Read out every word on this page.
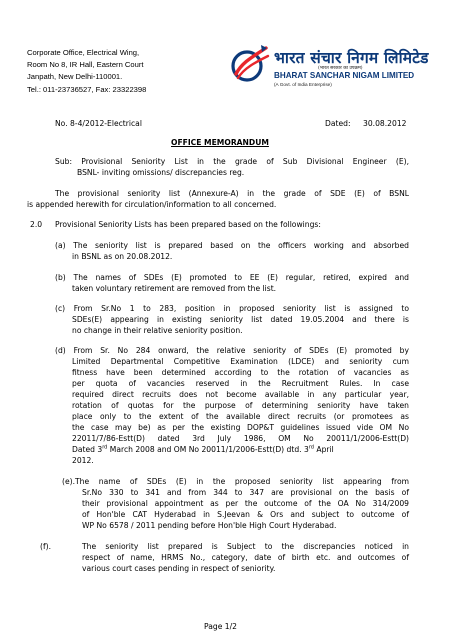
Corporate Office, Electrical Wing,
Room No 8, IR Hall, Eastern Court
Janpath, New Delhi-110001.
Tel.: 011-23736527, Fax: 23322398
भारत संचार निगम लिमिटेड
(भारत सरकार का उपक्रम)
BHARAT SANCHAR NIGAM LIMITED
(A Govt. of India Enterprise)
No. 8-4/2012-Electrical	Dated: 30.08.2012
OFFICE MEMORANDUM
Sub: Provisional Seniority List in the grade of Sub Divisional Engineer (E),
BSNL- inviting omissions/ discrepancies reg.
The provisional seniority list (Annexure-A) in the grade of SDE (E) of BSNL
is appended herewith for circulation/information to all concerned.
2.0 Provisional Seniority Lists has been prepared based on the followings:
(a) The seniority list is prepared based on the officers working and absorbed
in BSNL as on 20.08.2012.
(b) The names of SDEs (E) promoted to EE (E) regular, retired, expired and
taken voluntary retirement are removed from the list.
(c) From Sr.No 1 to 283, position in proposed seniority list is assigned to
SDEs(E) appearing in existing seniority list dated 19.05.2004 and there is
no change in their relative seniority position.
(d) From Sr. No 284 onward, the relative seniority of SDEs (E) promoted by
Limited Departmental Competitive Examination (LDCE) and seniority cum
fitness have been determined according to the rotation of vacancies as
per quota of vacancies reserved in the Recruitment Rules. In case
required direct recruits does not become available in any particular year,
rotation of quotas for the purpose of determining seniority have taken
place only to the extent of the available direct recruits (or promotees as
the case may be) as per the existing DOP&T guidelines issued vide OM No
22011/7/86-Estt(D) dated 3rd July 1986, OM No 20011/1/2006-Estt(D)
Dated 3rd March 2008 and OM No 20011/1/2006-Estt(D) dtd. 3rd April
2012.
(e).The name of SDEs (E) in the proposed seniority list appearing from
Sr.No 330 to 341 and from 344 to 347 are provisional on the basis of
their provisional appointment as per the outcome of the OA No 314/2009
of Hon'ble CAT Hyderabad in S.Jeevan & Ors and subject to outcome of
WP No 6578 / 2011 pending before Hon'ble High Court Hyderabad.
(f).	The seniority list prepared is Subject to the discrepancies noticed in
respect of name, HRMS No., category, date of birth etc. and outcomes of
various court cases pending in respect of seniority.
Page 1/2
